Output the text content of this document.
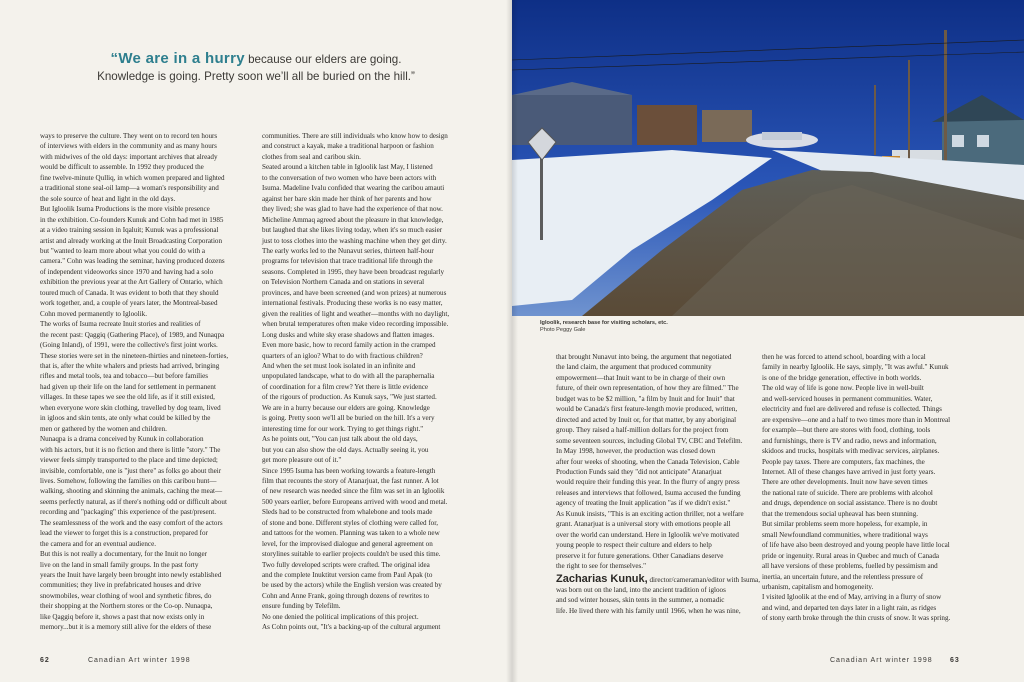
“We are in a hurry because our elders are going.
Knowledge is going. Pretty soon we’ll all be buried on the hill.”

ways to preserve the culture. They went on to record ten hours

of interviews with elders in the community and as many hours

with midwives of the old days: important archives that already

would be difficult to assemble. In 1992 they produced the

fine twelve-minute Qulliq, in which women prepared and lighted

a traditional stone seal-oil lamp—a woman's responsibility and

the sole source of heat and light in the old days.

But Igloolik Isuma Productions is the more visible presence

in the exhibition. Co-founders Kunuk and Cohn had met in 1985

at a video training session in Iqaluit; Kunuk was a professional

artist and already working at the Inuit Broadcasting Corporation

but "wanted to learn more about what you could do with a

camera." Cohn was leading the seminar, having produced dozens

of independent videoworks since 1970 and having had a solo

exhibition the previous year at the Art Gallery of Ontario, which

toured much of Canada. It was evident to both that they should

work together, and, a couple of years later, the Montreal-based

Cohn moved permanently to Igloolik.

The works of Isuma recreate Inuit stories and realities of

the recent past: Qaggiq (Gathering Place), of 1989, and Nunaqpa

(Going Inland), of 1991, were the collective's first joint works.

These stories were set in the nineteen-thirties and nineteen-forties,

that is, after the white whalers and priests had arrived, bringing

rifles and metal tools, tea and tobacco—but before families

had given up their life on the land for settlement in permanent

villages. In these tapes we see the old life, as if it still existed,

when everyone wore skin clothing, travelled by dog team, lived

in igloos and skin tents, ate only what could be killed by the

men or gathered by the women and children.

Nunaqpa is a drama conceived by Kunuk in collaboration

with his actors, but it is no fiction and there is little "story." The

viewer feels simply transported to the place and time depicted;

invisible, comfortable, one is "just there" as folks go about their

lives. Somehow, following the families on this caribou hunt—

walking, shooting and skinning the animals, caching the meat—

seems perfectly natural, as if there's nothing odd or difficult about

recording and "packaging" this experience of the past/present.

The seamlessness of the work and the easy comfort of the actors

lead the viewer to forget this is a construction, prepared for

the camera and for an eventual audience.

But this is not really a documentary, for the Inuit no longer

live on the land in small family groups. In the past forty

years the Inuit have largely been brought into newly established

communities; they live in prefabricated houses and drive

snowmobiles, wear clothing of wool and synthetic fibres, do

their shopping at the Northern stores or the Co-op. Nunaqpa,

like Qaggiq before it, shows a past that now exists only in

memory...but it is a memory still alive for the elders of these

communities. There are still individuals who know how to design

and construct a kayak, make a traditional harpoon or fashion

clothes from seal and caribou skin.

Seated around a kitchen table in Igloolik last May, I listened

to the conversation of two women who have been actors with

Isuma. Madeline Ivalu confided that wearing the caribou amauti

against her bare skin made her think of her parents and how

they lived; she was glad to have had the experience of that now.

Micheline Ammaq agreed about the pleasure in that knowledge,

but laughed that she likes living today, when it's so much easier

just to toss clothes into the washing machine when they get dirty.

The early works led to the Nunavut series, thirteen half-hour

programs for television that trace traditional life through the

seasons. Completed in 1995, they have been broadcast regularly

on Television Northern Canada and on stations in several

provinces, and have been screened (and won prizes) at numerous

international festivals. Producing these works is no easy matter,

given the realities of light and weather—months with no daylight,

when brutal temperatures often make video recording impossible.

Long dusks and white sky erase shadows and flatten images.

Even more basic, how to record family action in the cramped

quarters of an igloo? What to do with fractious children?

And when the set must look isolated in an infinite and

unpopulated landscape, what to do with all the paraphernalia

of coordination for a film crew? Yet there is little evidence

of the rigours of production. As Kunuk says, "We just started.

We are in a hurry because our elders are going. Knowledge

is going. Pretty soon we'll all be buried on the hill. It's a very

interesting time for our work. Trying to get things right."

As he points out, "You can just talk about the old days,

but you can also show the old days. Actually seeing it, you

get more pleasure out of it."

Since 1995 Isuma has been working towards a feature-length

film that recounts the story of Atanarjuat, the fast runner. A lot

of new research was needed since the film was set in an Igloolik

500 years earlier, before Europeans arrived with wood and metal.

Sleds had to be constructed from whalebone and tools made

of stone and bone. Different styles of clothing were called for,

and tattoos for the women. Planning was taken to a whole new

level, for the improvised dialogue and general agreement on

storylines suitable to earlier projects couldn't be used this time.

Two fully developed scripts were crafted. The original idea

and the complete Inuktitut version came from Paul Apak (to

be used by the actors) while the English version was created by

Cohn and Anne Frank, going through dozens of rewrites to

ensure funding by Telefilm.

No one denied the political implications of this project.

As Cohn points out, "It's a backing-up of the cultural argument

62	Canadian Art winter 1998

that brought Nunavut into being, the argument that negotiated

the land claim, the argument that produced community

empowerment—that Inuit want to be in charge of their own

future, of their own representation, of how they are filmed." The

budget was to be $2 million, "a film by Inuit and for Inuit" that

would be Canada's first feature-length movie produced, written,

directed and acted by Inuit or, for that matter, by any aboriginal

group. They raised a half-million dollars for the project from

some seventeen sources, including Global TV, CBC and Telefilm.

In May 1998, however, the production was closed down

after four weeks of shooting, when the Canada Television, Cable

Production Funds said they "did not anticipate" Atanarjuat

would require their funding this year. In the flurry of angry press

releases and interviews that followed, Isuma accused the funding

agency of treating the Inuit application "as if we didn't exist."

As Kunuk insists, "This is an exciting action thriller, not a welfare

grant. Atanarjuat is a universal story with emotions people all

over the world can understand. Here in Igloolik we've motivated

young people to respect their culture and elders to help

preserve it for future generations. Other Canadians deserve

the right to see for themselves."

Zacharias Kunuk, director/cameraman/editor with Isuma,

was born out on the land, into the ancient tradition of igloos

and sod winter houses, skin tents in the summer, a nomadic

life. He lived there with his family until 1966, when he was nine,

then he was forced to attend school, boarding with a local

family in nearby Igloolik. He says, simply, "It was awful." Kunuk

is one of the bridge generation, effective in both worlds.

The old way of life is gone now. People live in well-built

and well-serviced houses in permanent communities. Water,

electricity and fuel are delivered and refuse is collected. Things

are expensive—one and a half to two times more than in Montreal

for example—but there are stores with food, clothing, tools

and furnishings, there is TV and radio, news and information,

skidoos and trucks, hospitals with medivac services, airplanes.

People pay taxes. There are computers, fax machines, the

Internet. All of these changes have arrived in just forty years.

There are other developments. Inuit now have seven times

the national rate of suicide. There are problems with alcohol

and drugs, dependence on social assistance. There is no doubt

that the tremendous social upheaval has been stunning.

But similar problems seem more hopeless, for example, in

small Newfoundland communities, where traditional ways

of life have also been destroyed and young people have little local

pride or ingenuity. Rural areas in Quebec and much of Canada

all have versions of these problems, fuelled by pessimism and

inertia, an uncertain future, and the relentless pressure of

urbanism, capitalism and homogeneity.

I visited Igloolik at the end of May, arriving in a flurry of snow

and wind, and departed ten days later in a light rain, as ridges

of stony earth broke through the thin crusts of snow. It was spring.

Canadian Art winter 1998 63
Igloolik, research base for visiting scholars, etc.
Photo Peggy Gale
